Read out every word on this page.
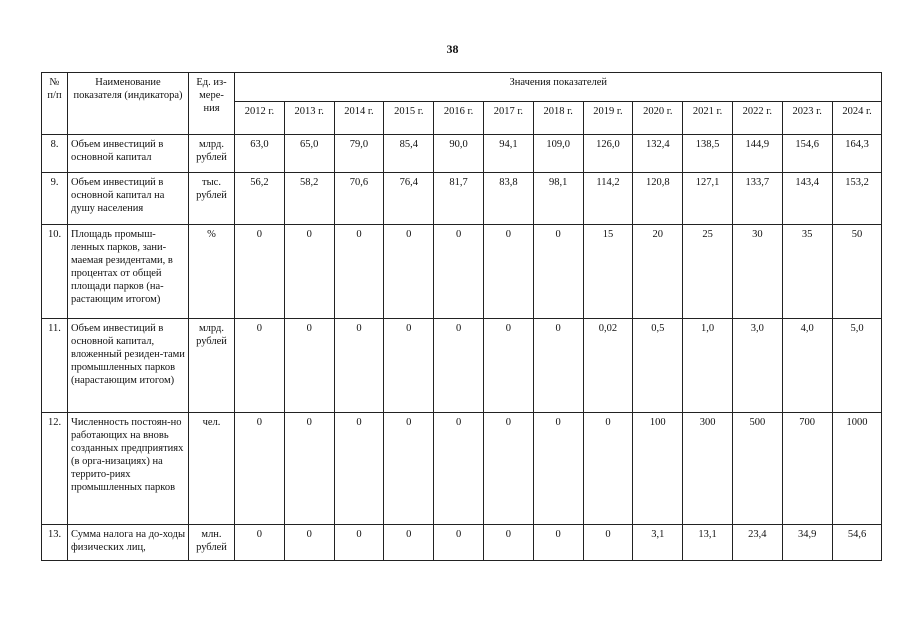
38
№ п/п	Наименование показателя (индикатора)	Ед. из-мере-ния	Значения показателей												
			2012 г.	2013 г.	2014 г.	2015 г.	2016 г.	2017 г.	2018 г.	2019 г.	2020 г.	2021 г.	2022 г.	2023 г.	2024 г.
8.	Объем инвестиций в основной капитал	млрд. рублей	63,0	65,0	79,0	85,4	90,0	94,1	109,0	126,0	132,4	138,5	144,9	154,6	164,3
9.	Объем инвестиций в основной капитал на душу населения	тыс. рублей	56,2	58,2	70,6	76,4	81,7	83,8	98,1	114,2	120,8	127,1	133,7	143,4	153,2
10.	Площадь промыш-ленных парков, зани-маемая резидентами, в процентах от общей площади парков (на-растающим итогом)	%	0	0	0	0	0	0	0	15	20	25	30	35	50
11.	Объем инвестиций в основной капитал, вложенный резиден-тами промышленных парков (нарастающим итогом)	млрд. рублей	0	0	0	0	0	0	0	0,02	0,5	1,0	3,0	4,0	5,0
12.	Численность постоян-но работающих на вновь созданных предприятиях (в орга-низациях) на террито-риях промышленных парков	чел.	0	0	0	0	0	0	0	0	100	300	500	700	1000
13.	Сумма налога на до-ходы физических лиц,	млн. рублей	0	0	0	0	0	0	0	0	3,1	13,1	23,4	34,9	54,6
